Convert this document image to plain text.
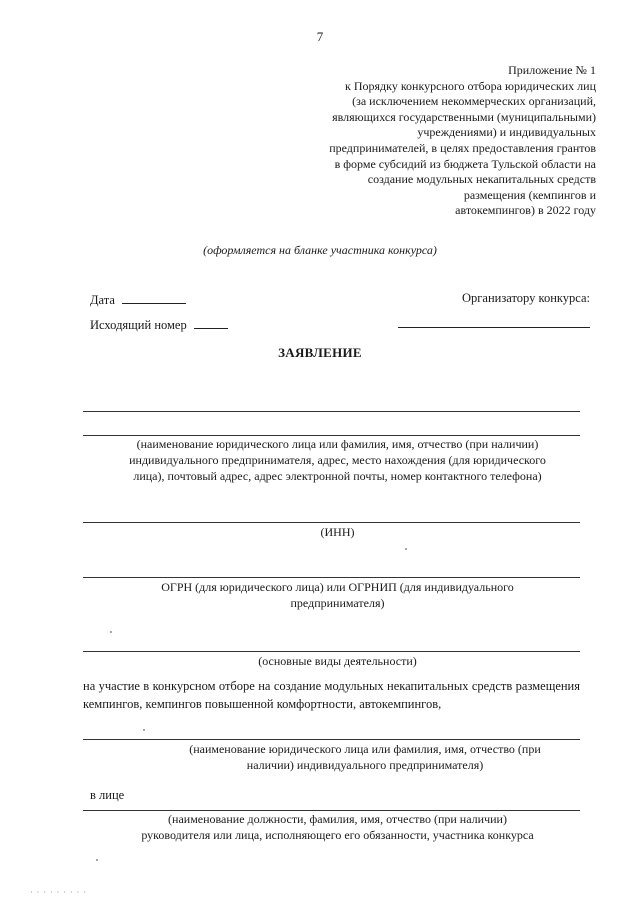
7
Приложение № 1
к Порядку конкурсного отбора юридических лиц
(за исключением некоммерческих организаций,
являющихся государственными (муниципальными)
учреждениями) и индивидуальных
предпринимателей, в целях предоставления грантов
в форме субсидий из бюджета Тульской области на
создание модульных некапитальных средств
размещения (кемпингов и
автокемпингов) в 2022 году
(оформляется на бланке участника конкурса)
Дата
Исходящий номер
Организатору конкурса:
ЗАЯВЛЕНИЕ
(наименование юридического лица или фамилия, имя, отчество (при наличии)
индивидуального предпринимателя, адрес, место нахождения (для юридического
лица), почтовый адрес, адрес электронной почты, номер контактного телефона)
(ИНН)
ОГРН (для юридического лица) или ОГРНИП (для индивидуального
предпринимателя)
(основные виды деятельности)
на участие в конкурсном отборе на создание модульных некапитальных средств размещения кемпингов, кемпингов повышенной комфортности, автокемпингов,
(наименование юридического лица или фамилия, имя, отчество (при
наличии) индивидуального предпринимателя)
в лице
(наименование должности, фамилия, имя, отчество (при наличии)
руководителя или лица, исполняющего его обязанности, участника конкурса
· · · · · · · · ·
